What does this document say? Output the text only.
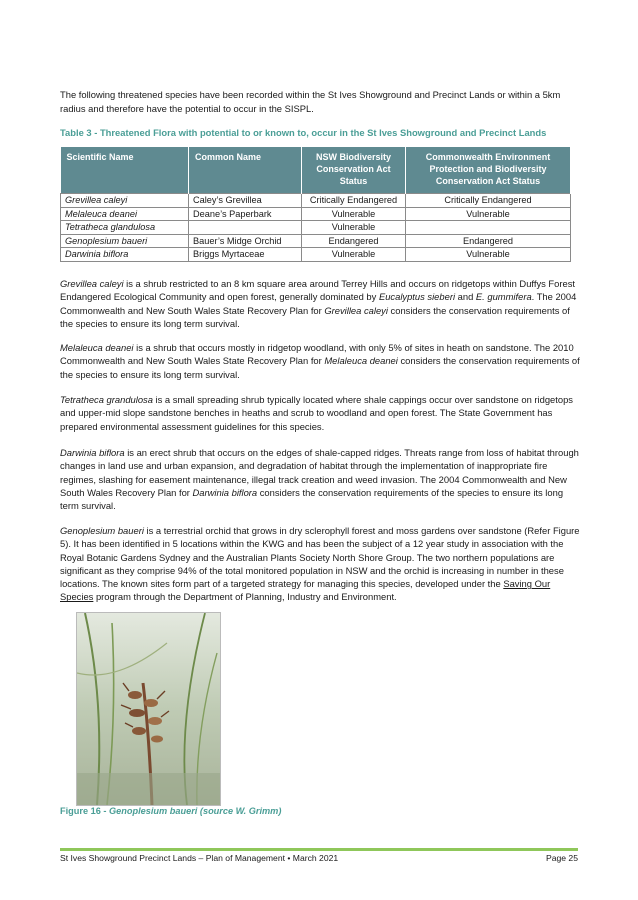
The following threatened species have been recorded within the St Ives Showground and Precinct Lands or within a 5km radius and therefore have the potential to occur in the SISPL.
Table 3 - Threatened Flora with potential to or known to, occur in the St Ives Showground and Precinct Lands
Scientific Name	Common Name	NSW Biodiversity Conservation Act Status	Commonwealth Environment Protection and Biodiversity Conservation Act Status
Grevillea caleyi	Caley’s Grevillea	Critically Endangered	Critically Endangered
Melaleuca deanei	Deane’s Paperbark	Vulnerable	Vulnerable
Tetratheca glandulosa		Vulnerable	
Genoplesium baueri	Bauer’s Midge Orchid	Endangered	Endangered
Darwinia biflora	Briggs Myrtaceae	Vulnerable	Vulnerable
Grevillea caleyi is a shrub restricted to an 8 km square area around Terrey Hills and occurs on ridgetops within Duffys Forest Endangered Ecological Community and open forest, generally dominated by Eucalyptus sieberi and E. gummifera. The 2004 Commonwealth and New South Wales State Recovery Plan for Grevillea caleyi considers the conservation requirements of the species to ensure its long term survival.
Melaleuca deanei is a shrub that occurs mostly in ridgetop woodland, with only 5% of sites in heath on sandstone. The 2010 Commonwealth and New South Wales State Recovery Plan for Melaleuca deanei considers the conservation requirements of the species to ensure its long term survival.
Tetratheca grandulosa is a small spreading shrub typically located where shale cappings occur over sandstone on ridgetops and upper-mid slope sandstone benches in heaths and scrub to woodland and open forest. The State Government has prepared environmental assessment guidelines for this species.
Darwinia biflora is an erect shrub that occurs on the edges of shale-capped ridges. Threats range from loss of habitat through changes in land use and urban expansion, and degradation of habitat through the implementation of inappropriate fire regimes, slashing for easement maintenance, illegal track creation and weed invasion. The 2004 Commonwealth and New South Wales Recovery Plan for Darwinia biflora considers the conservation requirements of the species to ensure its long term survival.
Genoplesium baueri is a terrestrial orchid that grows in dry sclerophyll forest and moss gardens over sandstone (Refer Figure 5). It has been identified in 5 locations within the KWG and has been the subject of a 12 year study in association with the Royal Botanic Gardens Sydney and the Australian Plants Society North Shore Group. The two northern populations are significant as they comprise 94% of the total monitored population in NSW and the orchid is increasing in number in these locations. The known sites form part of a targeted strategy for managing this species, developed under the Saving Our Species program through the Department of Planning, Industry and Environment.
Figure 16 - Genoplesium baueri (source W. Grimm)
St Ives Showground Precinct Lands – Plan of Management • March 2021	Page 25
